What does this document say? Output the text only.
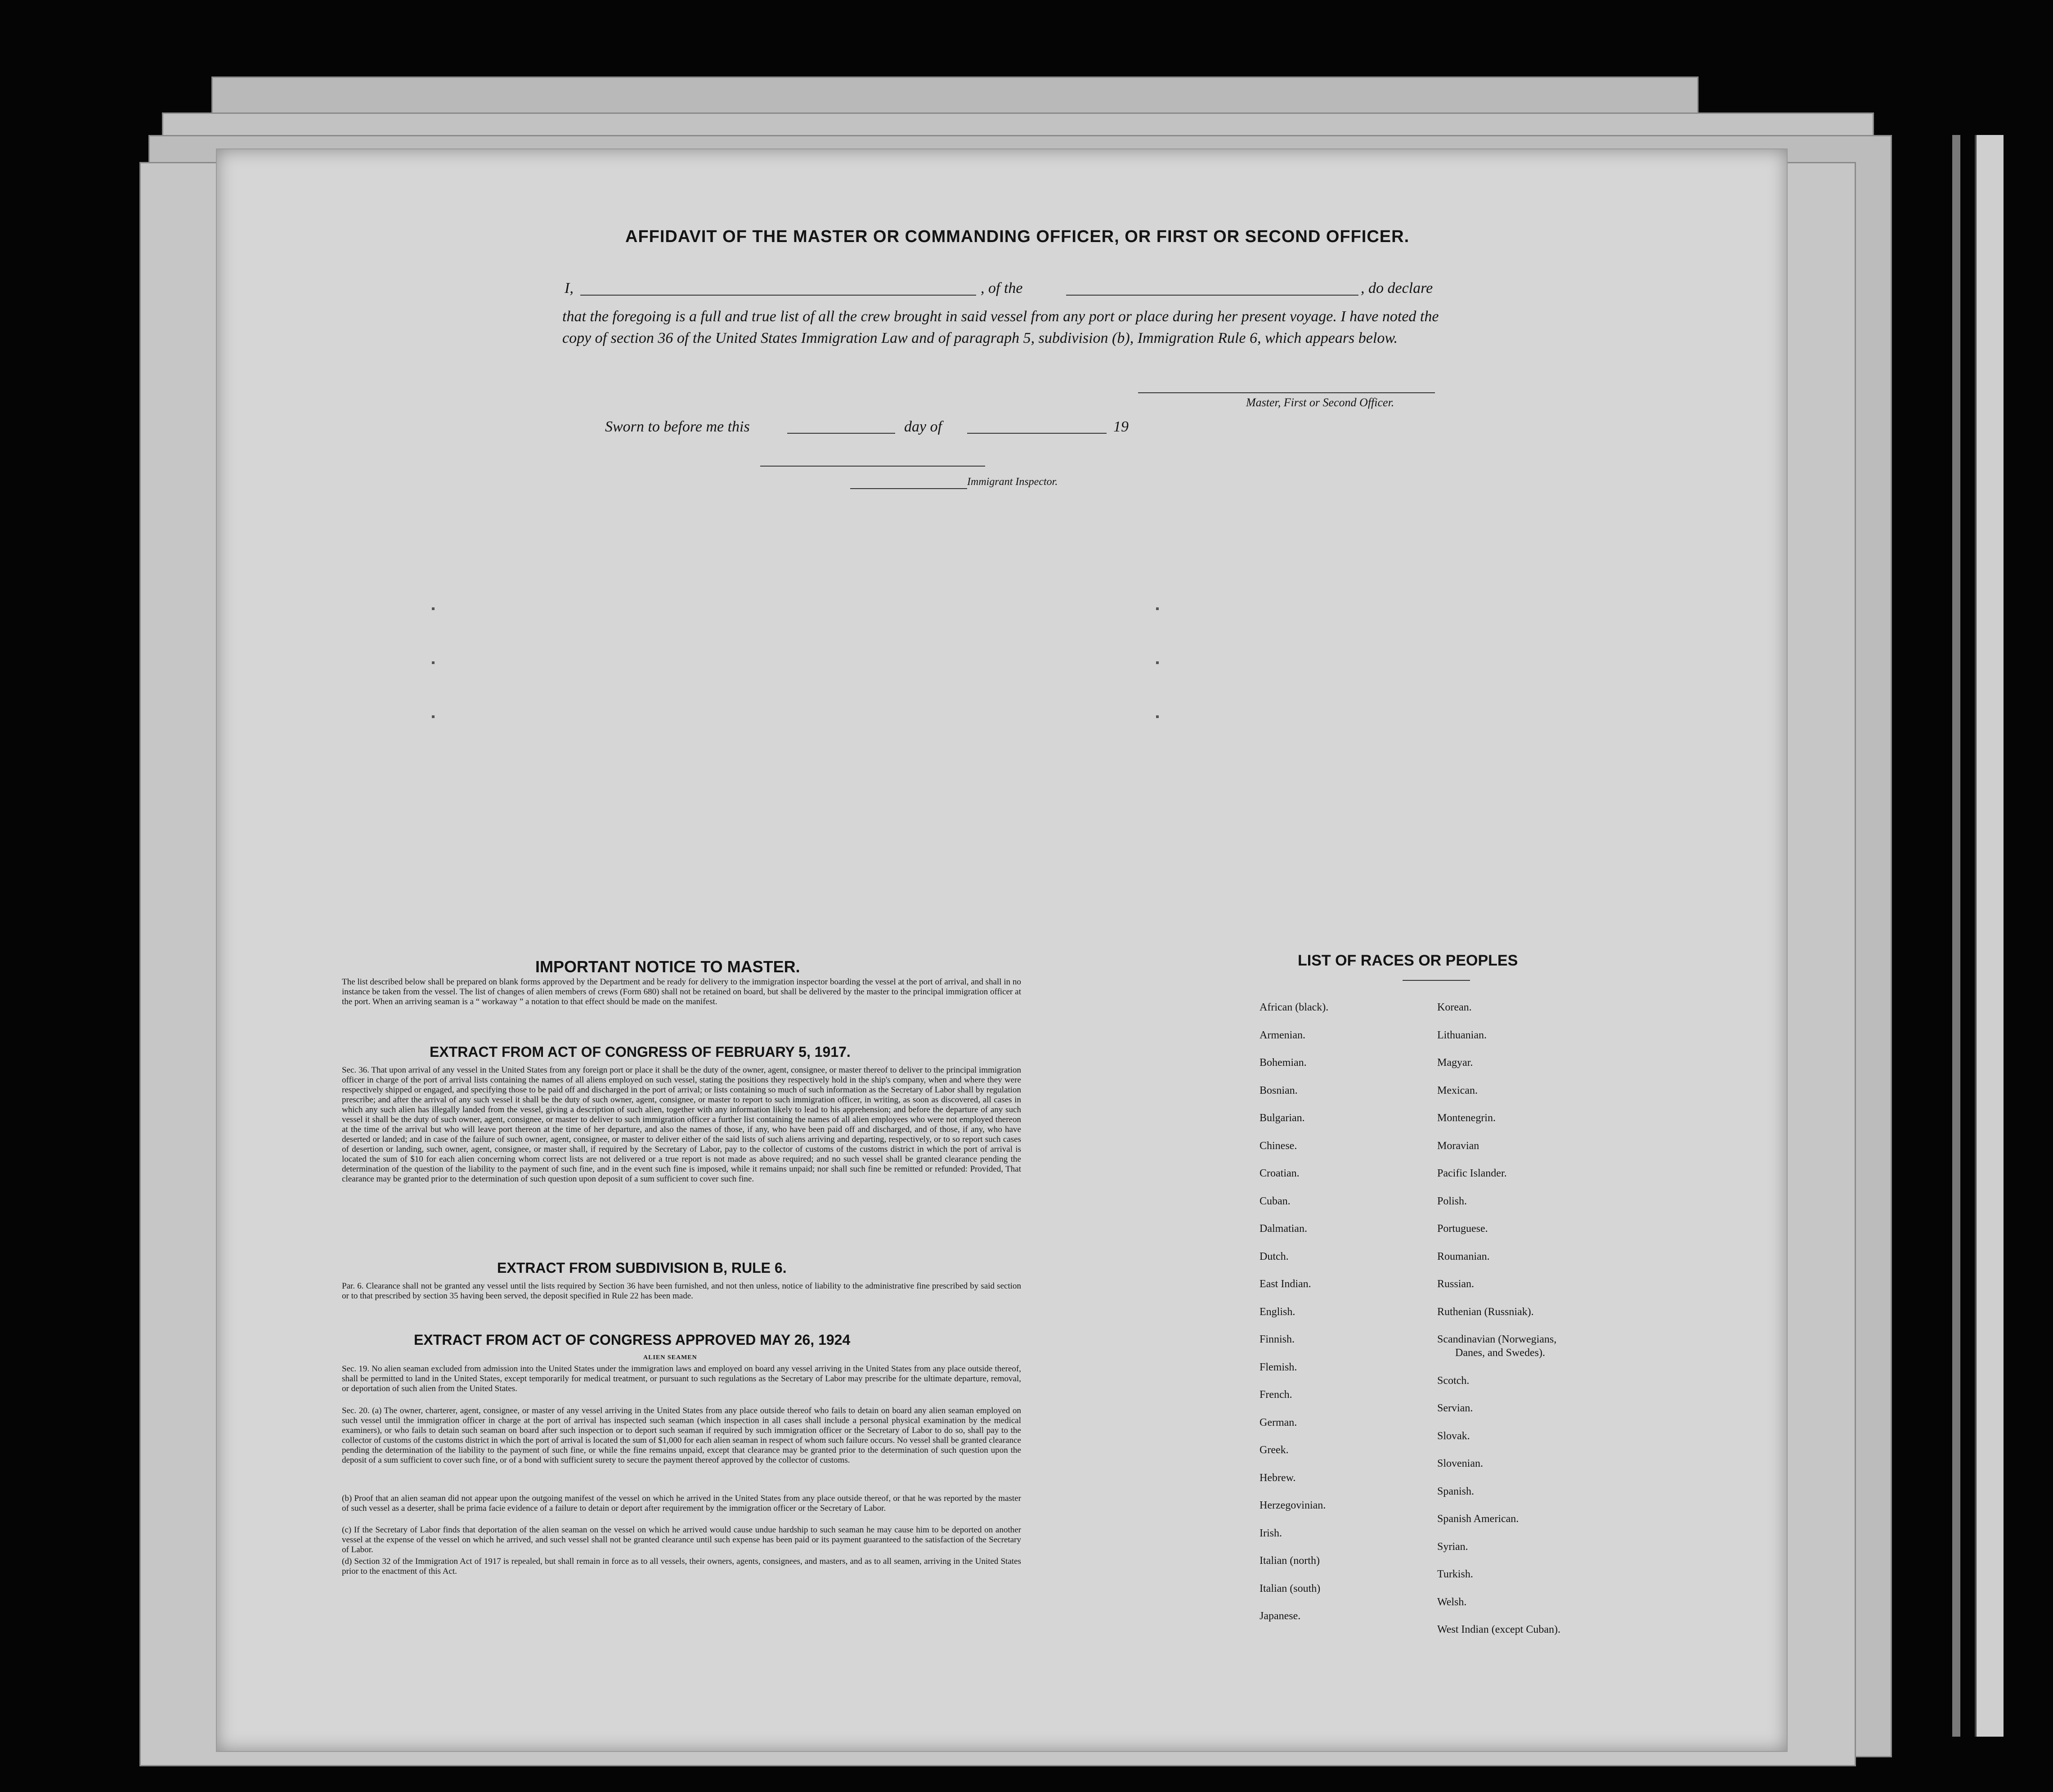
AFFIDAVIT OF THE MASTER OR COMMANDING OFFICER, OR FIRST OR SECOND OFFICER.
I,	, of the	, do declare
that the foregoing is a full and true list of all the crew brought in said vessel from any port or place during her present voyage. I have noted the copy of section 36 of the United States Immigration Law and of paragraph 5, subdivision (b), Immigration Rule 6, which appears below.
Master, First or Second Officer.
Sworn to before me this	day of	19
Immigrant Inspector.
IMPORTANT NOTICE TO MASTER.
The list described below shall be prepared on blank forms approved by the Department and be ready for delivery to the immigration inspector boarding the vessel at the port of arrival, and shall in no instance be taken from the vessel. The list of changes of alien members of crews (Form 680) shall not be retained on board, but shall be delivered by the master to the principal immigration officer at the port. When an arriving seaman is a “ workaway ” a notation to that effect should be made on the manifest.
EXTRACT FROM ACT OF CONGRESS OF FEBRUARY 5, 1917.
Sec. 36. That upon arrival of any vessel in the United States from any foreign port or place it shall be the duty of the owner, agent, consignee, or master thereof to deliver to the principal immigration officer in charge of the port of arrival lists containing the names of all aliens employed on such vessel, stating the positions they respectively hold in the ship's company, when and where they were respectively shipped or engaged, and specifying those to be paid off and discharged in the port of arrival; or lists containing so much of such information as the Secretary of Labor shall by regulation prescribe; and after the arrival of any such vessel it shall be the duty of such owner, agent, consignee, or master to report to such immigration officer, in writing, as soon as discovered, all cases in which any such alien has illegally landed from the vessel, giving a description of such alien, together with any information likely to lead to his apprehension; and before the departure of any such vessel it shall be the duty of such owner, agent, consignee, or master to deliver to such immigration officer a further list containing the names of all alien employees who were not employed thereon at the time of the arrival but who will leave port thereon at the time of her departure, and also the names of those, if any, who have been paid off and discharged, and of those, if any, who have deserted or landed; and in case of the failure of such owner, agent, consignee, or master to deliver either of the said lists of such aliens arriving and departing, respectively, or to so report such cases of desertion or landing, such owner, agent, consignee, or master shall, if required by the Secretary of Labor, pay to the collector of customs of the customs district in which the port of arrival is located the sum of $10 for each alien concerning whom correct lists are not delivered or a true report is not made as above required; and no such vessel shall be granted clearance pending the determination of the question of the liability to the payment of such fine, and in the event such fine is imposed, while it remains unpaid; nor shall such fine be remitted or refunded: Provided, That clearance may be granted prior to the determination of such question upon deposit of a sum sufficient to cover such fine.
EXTRACT FROM SUBDIVISION B, RULE 6.
Par. 6. Clearance shall not be granted any vessel until the lists required by Section 36 have been furnished, and not then unless, notice of liability to the administrative fine prescribed by said section or to that prescribed by section 35 having been served, the deposit specified in Rule 22 has been made.
EXTRACT FROM ACT OF CONGRESS APPROVED MAY 26, 1924
ALIEN SEAMEN
Sec. 19. No alien seaman excluded from admission into the United States under the immigration laws and employed on board any vessel arriving in the United States from any place outside thereof, shall be permitted to land in the United States, except temporarily for medical treatment, or pursuant to such regulations as the Secretary of Labor may prescribe for the ultimate departure, removal, or deportation of such alien from the United States.
Sec. 20. (a) The owner, charterer, agent, consignee, or master of any vessel arriving in the United States from any place outside thereof who fails to detain on board any alien seaman employed on such vessel until the immigration officer in charge at the port of arrival has inspected such seaman (which inspection in all cases shall include a personal physical examination by the medical examiners), or who fails to detain such seaman on board after such inspection or to deport such seaman if required by such immigration officer or the Secretary of Labor to do so, shall pay to the collector of customs of the customs district in which the port of arrival is located the sum of $1,000 for each alien seaman in respect of whom such failure occurs. No vessel shall be granted clearance pending the determination of the liability to the payment of such fine, or while the fine remains unpaid, except that clearance may be granted prior to the determination of such question upon the deposit of a sum sufficient to cover such fine, or of a bond with sufficient surety to secure the payment thereof approved by the collector of customs.
(b) Proof that an alien seaman did not appear upon the outgoing manifest of the vessel on which he arrived in the United States from any place outside thereof, or that he was reported by the master of such vessel as a deserter, shall be prima facie evidence of a failure to detain or deport after requirement by the immigration officer or the Secretary of Labor.
(c) If the Secretary of Labor finds that deportation of the alien seaman on the vessel on which he arrived would cause undue hardship to such seaman he may cause him to be deported on another vessel at the expense of the vessel on which he arrived, and such vessel shall not be granted clearance until such expense has been paid or its payment guaranteed to the satisfaction of the Secretary of Labor.
(d) Section 32 of the Immigration Act of 1917 is repealed, but shall remain in force as to all vessels, their owners, agents, consignees, and masters, and as to all seamen, arriving in the United States prior to the enactment of this Act.
LIST OF RACES OR PEOPLES
African (black).
Armenian.
Bohemian.
Bosnian.
Bulgarian.
Chinese.
Croatian.
Cuban.
Dalmatian.
Dutch.
East Indian.
English.
Finnish.
Flemish.
French.
German.
Greek.
Hebrew.
Herzegovinian.
Irish.
Italian (north)
Italian (south)
Japanese.
Korean.
Lithuanian.
Magyar.
Mexican.
Montenegrin.
Moravian
Pacific Islander.
Polish.
Portuguese.
Roumanian.
Russian.
Ruthenian (Russniak).
Scandinavian (Norwegians,
Danes, and Swedes).
Scotch.
Servian.
Slovak.
Slovenian.
Spanish.
Spanish American.
Syrian.
Turkish.
Welsh.
West Indian (except Cuban).
